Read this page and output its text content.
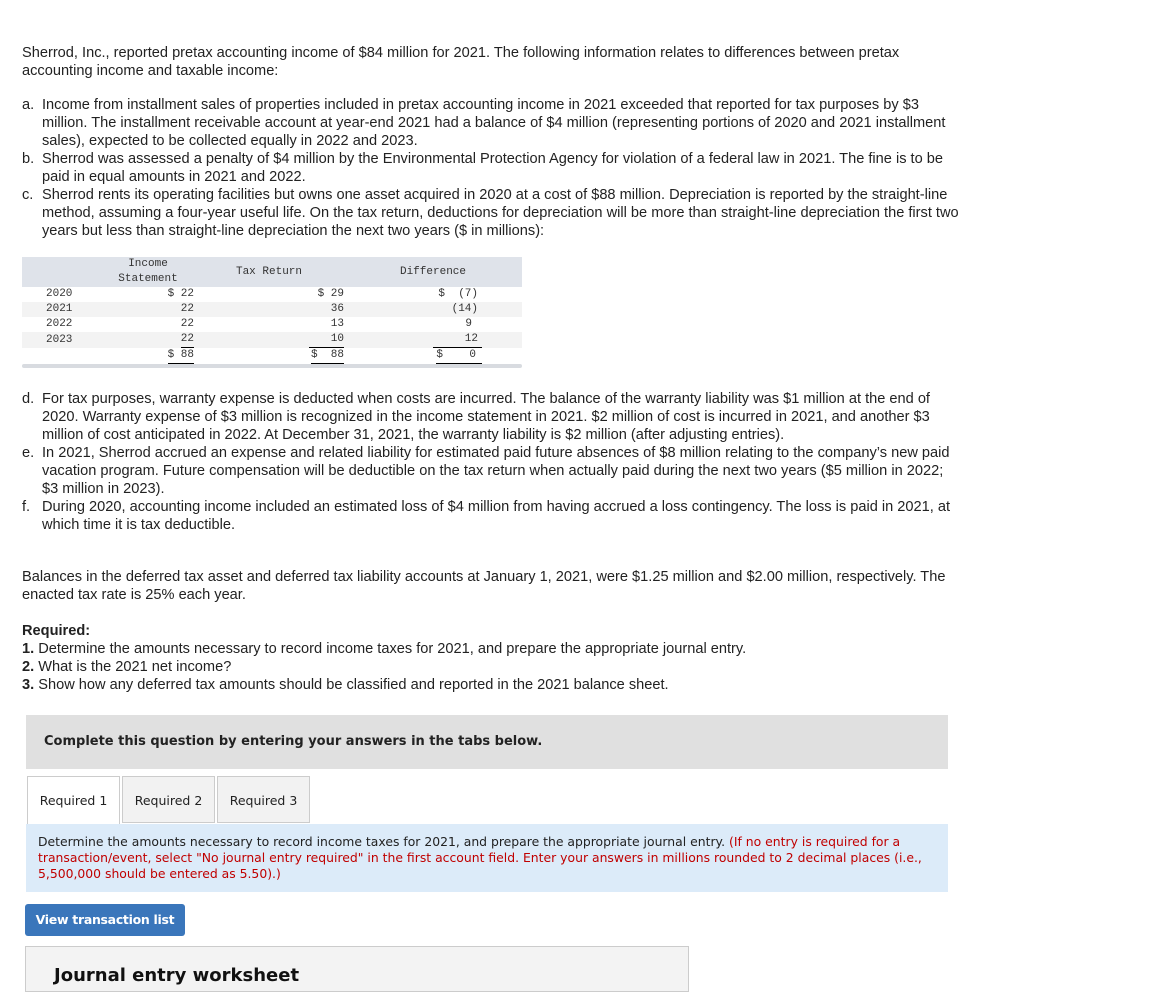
Sherrod, Inc., reported pretax accounting income of $84 million for 2021. The following information relates to differences between pretax accounting income and taxable income:
a. Income from installment sales of properties included in pretax accounting income in 2021 exceeded that reported for tax purposes by $3 million. The installment receivable account at year-end 2021 had a balance of $4 million (representing portions of 2020 and 2021 installment sales), expected to be collected equally in 2022 and 2023.
b. Sherrod was assessed a penalty of $4 million by the Environmental Protection Agency for violation of a federal law in 2021. The fine is to be paid in equal amounts in 2021 and 2022.
c. Sherrod rents its operating facilities but owns one asset acquired in 2020 at a cost of $88 million. Depreciation is reported by the straight-line method, assuming a four-year useful life. On the tax return, deductions for depreciation will be more than straight-line depreciation the first two years but less than straight-line depreciation the next two years ($ in millions):
	Income Statement	Tax Return	Difference
2020	$ 22	$ 29	$  (7)
2021	22	36	(14)
2022	22	13	9
2023	22	10	12
	$ 88	$  88	$    0
d. For tax purposes, warranty expense is deducted when costs are incurred. The balance of the warranty liability was $1 million at the end of 2020. Warranty expense of $3 million is recognized in the income statement in 2021. $2 million of cost is incurred in 2021, and another $3 million of cost anticipated in 2022. At December 31, 2021, the warranty liability is $2 million (after adjusting entries).
e. In 2021, Sherrod accrued an expense and related liability for estimated paid future absences of $8 million relating to the company’s new paid vacation program. Future compensation will be deductible on the tax return when actually paid during the next two years ($5 million in 2022; $3 million in 2023).
f. During 2020, accounting income included an estimated loss of $4 million from having accrued a loss contingency. The loss is paid in 2021, at which time it is tax deductible.
Balances in the deferred tax asset and deferred tax liability accounts at January 1, 2021, were $1.25 million and $2.00 million, respectively. The enacted tax rate is 25% each year.
Required:
1. Determine the amounts necessary to record income taxes for 2021, and prepare the appropriate journal entry.
2. What is the 2021 net income?
3. Show how any deferred tax amounts should be classified and reported in the 2021 balance sheet.
Complete this question by entering your answers in the tabs below.
Required 1	Required 2	Required 3
Determine the amounts necessary to record income taxes for 2021, and prepare the appropriate journal entry. (If no entry is required for a transaction/event, select "No journal entry required" in the first account field. Enter your answers in millions rounded to 2 decimal places (i.e., 5,500,000 should be entered as 5.50).)
View transaction list
Journal entry worksheet
